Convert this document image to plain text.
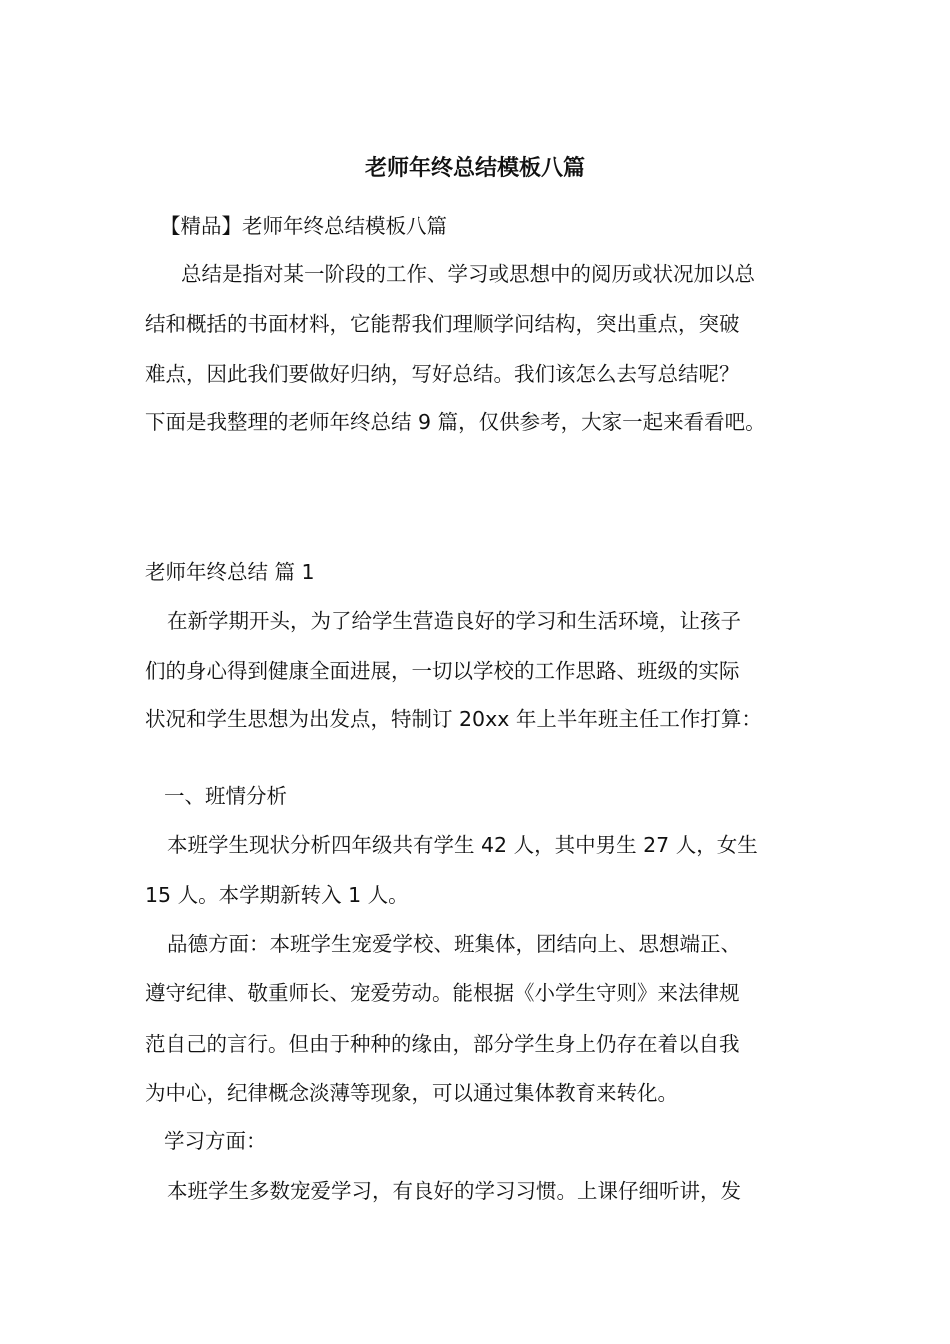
老师年终总结模板八篇
【精品】老师年终总结模板八篇
总结是指对某一阶段的工作、学习或思想中的阅历或状况加以总
结和概括的书面材料，它能帮我们理顺学问结构，突出重点，突破
难点，因此我们要做好归纳，写好总结。我们该怎么去写总结呢？
下面是我整理的老师年终总结 9 篇，仅供参考，大家一起来看看吧。
老师年终总结 篇 1
在新学期开头，为了给学生营造良好的学习和生活环境，让孩子
们的身心得到健康全面进展，一切以学校的工作思路、班级的实际
状况和学生思想为出发点，特制订 20xx 年上半年班主任工作打算：
一、班情分析
本班学生现状分析四年级共有学生 42 人，其中男生 27 人，女生
15 人。本学期新转入 1 人。
品德方面：本班学生宠爱学校、班集体，团结向上、思想端正、
遵守纪律、敬重师长、宠爱劳动。能根据《小学生守则》来法律规
范自己的言行。但由于种种的缘由，部分学生身上仍存在着以自我
为中心，纪律概念淡薄等现象，可以通过集体教育来转化。
学习方面：
本班学生多数宠爱学习，有良好的学习习惯。上课仔细听讲，发
